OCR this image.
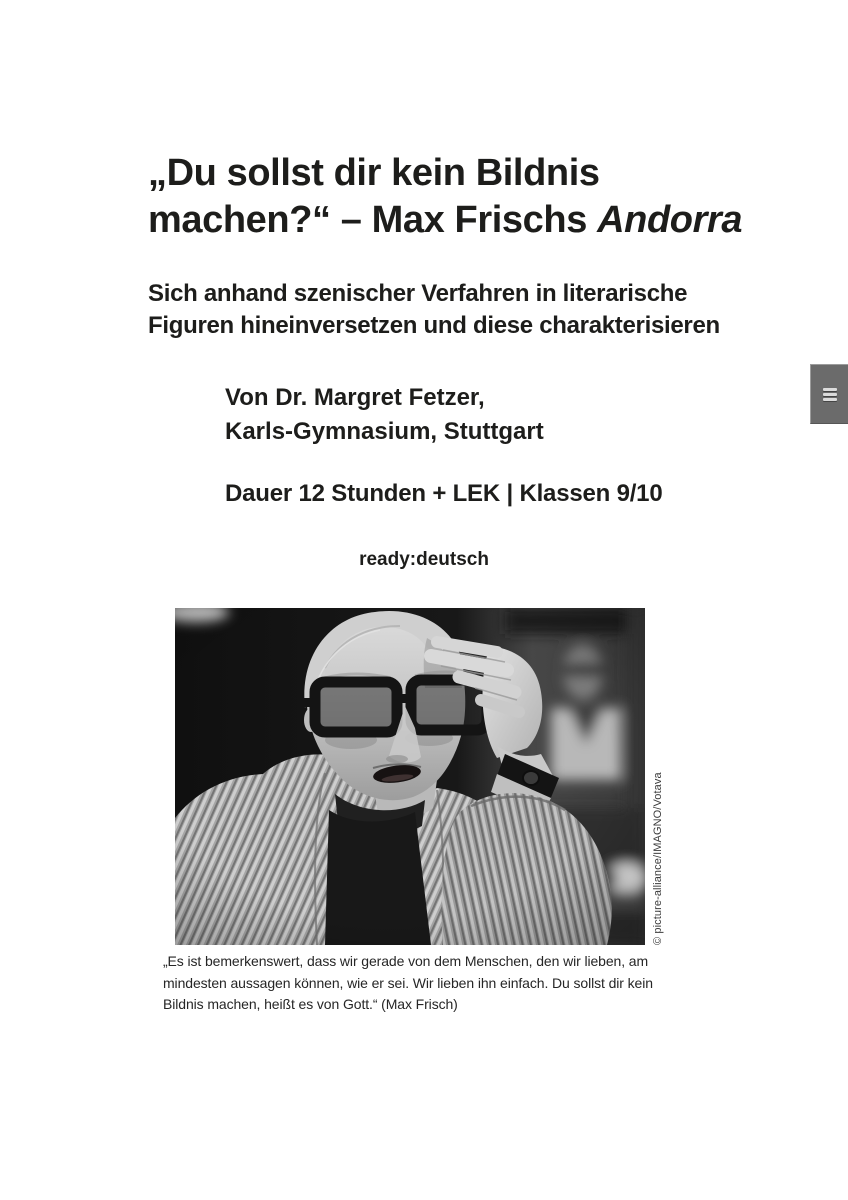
„Du sollst dir kein Bildnis
machen?“ – Max Frischs Andorra
Sich anhand szenischer Verfahren in literarische
Figuren hineinversetzen und diese charakterisieren

Von Dr. Margret Fetzer,
Karls-Gymnasium, Stuttgart

Dauer 12 Stunden + LEK | Klassen 9/10

ready:deutsch

© picture-alliance/IMAGNO/Votava

„Es ist bemerkenswert, dass wir gerade von dem Menschen, den wir lieben, am
mindesten aussagen können, wie er sei. Wir lieben ihn einfach. Du sollst dir kein
Bildnis machen, heißt es von Gott.“ (Max Frisch)
